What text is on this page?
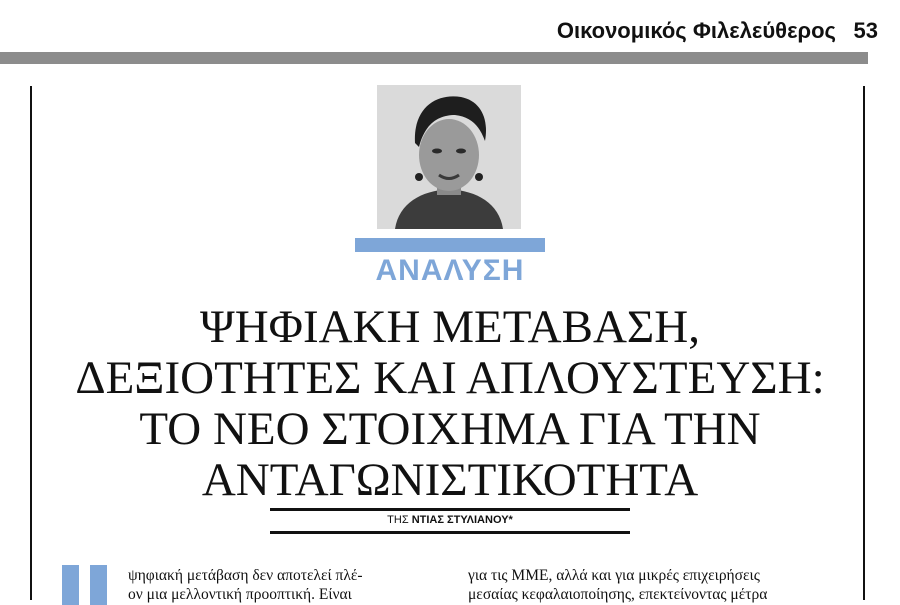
Οικονομικός Φιλελεύθερος 53
ΑΝΑΛΥΣΗ
ΨΗΦΙΑΚΗ ΜΕΤΑΒΑΣΗ,
ΔΕΞΙΟΤΗΤΕΣ ΚΑΙ ΑΠΛΟΥΣΤΕΥΣΗ:
ΤΟ ΝΕΟ ΣΤΟΙΧΗΜΑ ΓΙΑ ΤΗΝ
ΑΝΤΑΓΩΝΙΣΤΙΚΟΤΗΤΑ
ΤΗΣ ΝΤΙΑΣ ΣΤΥΛΙΑΝΟΥ*
ψηφιακή μετάβαση δεν αποτελεί πλέ-
ον μια μελλοντική προοπτική. Είναι
για τις ΜΜΕ, αλλά και για μικρές επιχειρήσεις
μεσαίας κεφαλαιοποίησης, επεκτείνοντας μέτρα
